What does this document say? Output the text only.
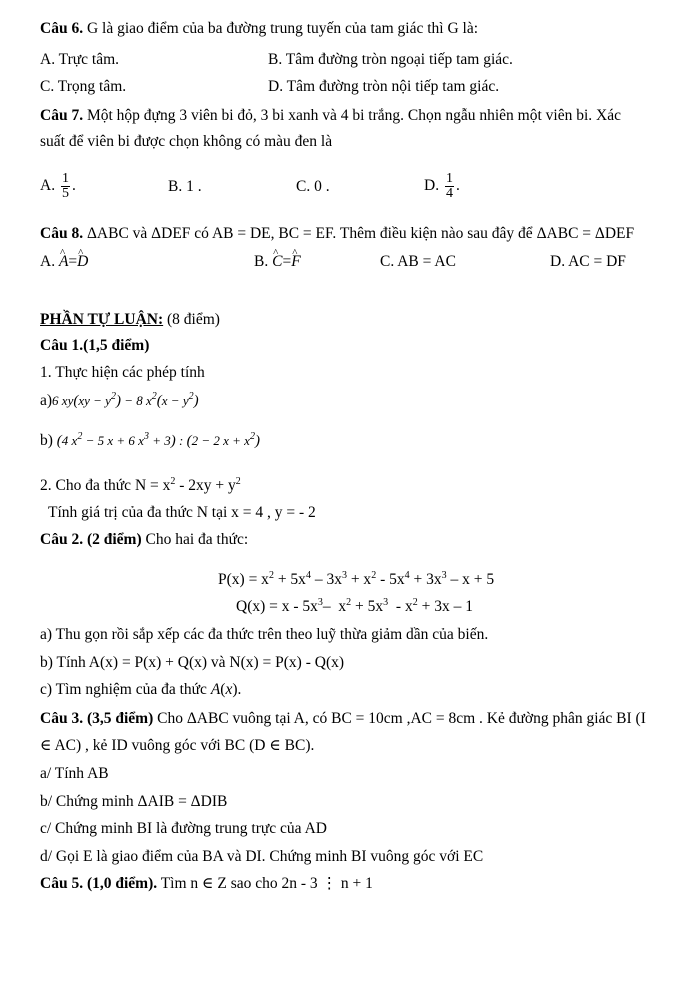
Câu 6. G là giao điểm của ba đường trung tuyến của tam giác thì G là:
A. Trực tâm.	B. Tâm đường tròn ngoại tiếp tam giác.
C. Trọng tâm.	D. Tâm đường tròn nội tiếp tam giác.
Câu 7. Một hộp đựng 3 viên bi đỏ, 3 bi xanh và 4 bi trắng. Chọn ngẫu nhiên một viên bi. Xác
suất để viên bi được chọn không có màu đen là
A. $\frac{1}{5}$ .	B. 1 .	C. 0 .	D. $\frac{1}{4}$ .
Câu 8. ΔABC và ΔDEF có AB = DE, BC = EF. Thêm điều kiện nào sau đây để ΔABC = ΔDEF
A. ^ A=^ D	B. ^ C=^ F	C. AB = AC	D. AC = DF
PHẦN TỰ LUẬN: (8 điểm)
Câu 1.(1,5 điểm)
1. Thực hiện các phép tính
a)6 $xy(xy - y^2) - 8$ $x^2(x - y^2)$
b) (4 $x^2 - 5$ x + 6 $x^3 + 3$) : (2 − 2 $x + x^2$)
2. Cho đa thức $N = x^2 - 2xy + y^2$
Tính giá trị của đa thức N tại x = 4 , y = - 2
Câu 2. (2 điểm) Cho hai đa thức:
$P(x) = x^2 + 5x^4 - 3x^3 + x^2 - 5x^4 + 3x^3 - x + 5$
$Q(x) = x - 5x^3-$  $x^2 + 5x^3 - x^2 + 3x - 1$
a) Thu gọn rồi sắp xếp các đa thức trên theo luỹ thừa giảm dần của biến.
b) Tính A(x) = P(x) + Q(x) và N(x) = P(x) - Q(x)
c) Tìm nghiệm của đa thức A(x).
Câu 3. (3,5 điểm) Cho ΔABC vuông tại A, có BC = 10cm ,AC = 8cm . Kẻ đường phân giác BI (I
∈ AC) , kẻ ID vuông góc với BC (D ∈ BC).
a/ Tính AB
b/ Chứng minh ΔAIB = ΔDIB
c/ Chứng minh BI là đường trung trực của AD
d/ Gọi E là giao điểm của BA và DI. Chứng minh BI vuông góc với EC
Câu 5. (1,0 điểm). Tìm n ∈ Z sao cho 2n - 3 ⋮ n + 1
